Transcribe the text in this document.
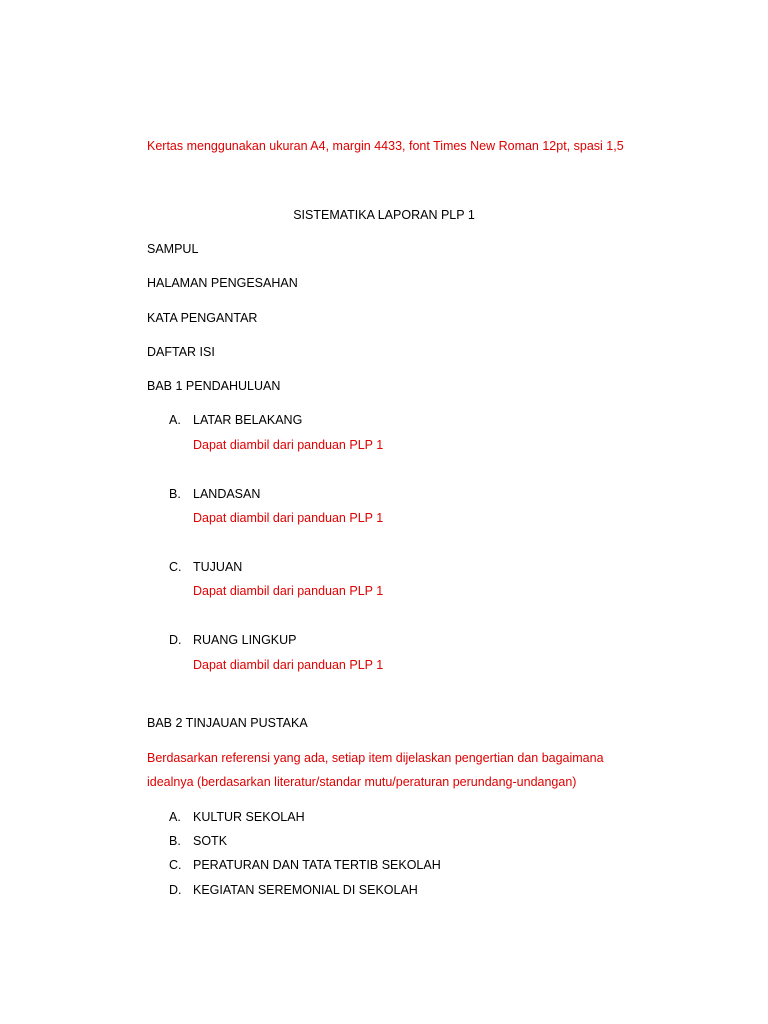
Kertas menggunakan ukuran A4, margin 4433, font Times New Roman 12pt, spasi 1,5
SISTEMATIKA LAPORAN PLP 1
SAMPUL
HALAMAN PENGESAHAN
KATA PENGANTAR
DAFTAR ISI
BAB 1 PENDAHULUAN
A. LATAR BELAKANG
Dapat diambil dari panduan PLP 1
B. LANDASAN
Dapat diambil dari panduan PLP 1
C. TUJUAN
Dapat diambil dari panduan PLP 1
D. RUANG LINGKUP
Dapat diambil dari panduan PLP 1
BAB 2 TINJAUAN PUSTAKA
Berdasarkan referensi yang ada, setiap item dijelaskan pengertian dan bagaimana
idealnya (berdasarkan literatur/standar mutu/peraturan perundang-undangan)
A. KULTUR SEKOLAH
B. SOTK
C. PERATURAN DAN TATA TERTIB SEKOLAH
D. KEGIATAN SEREMONIAL DI SEKOLAH
